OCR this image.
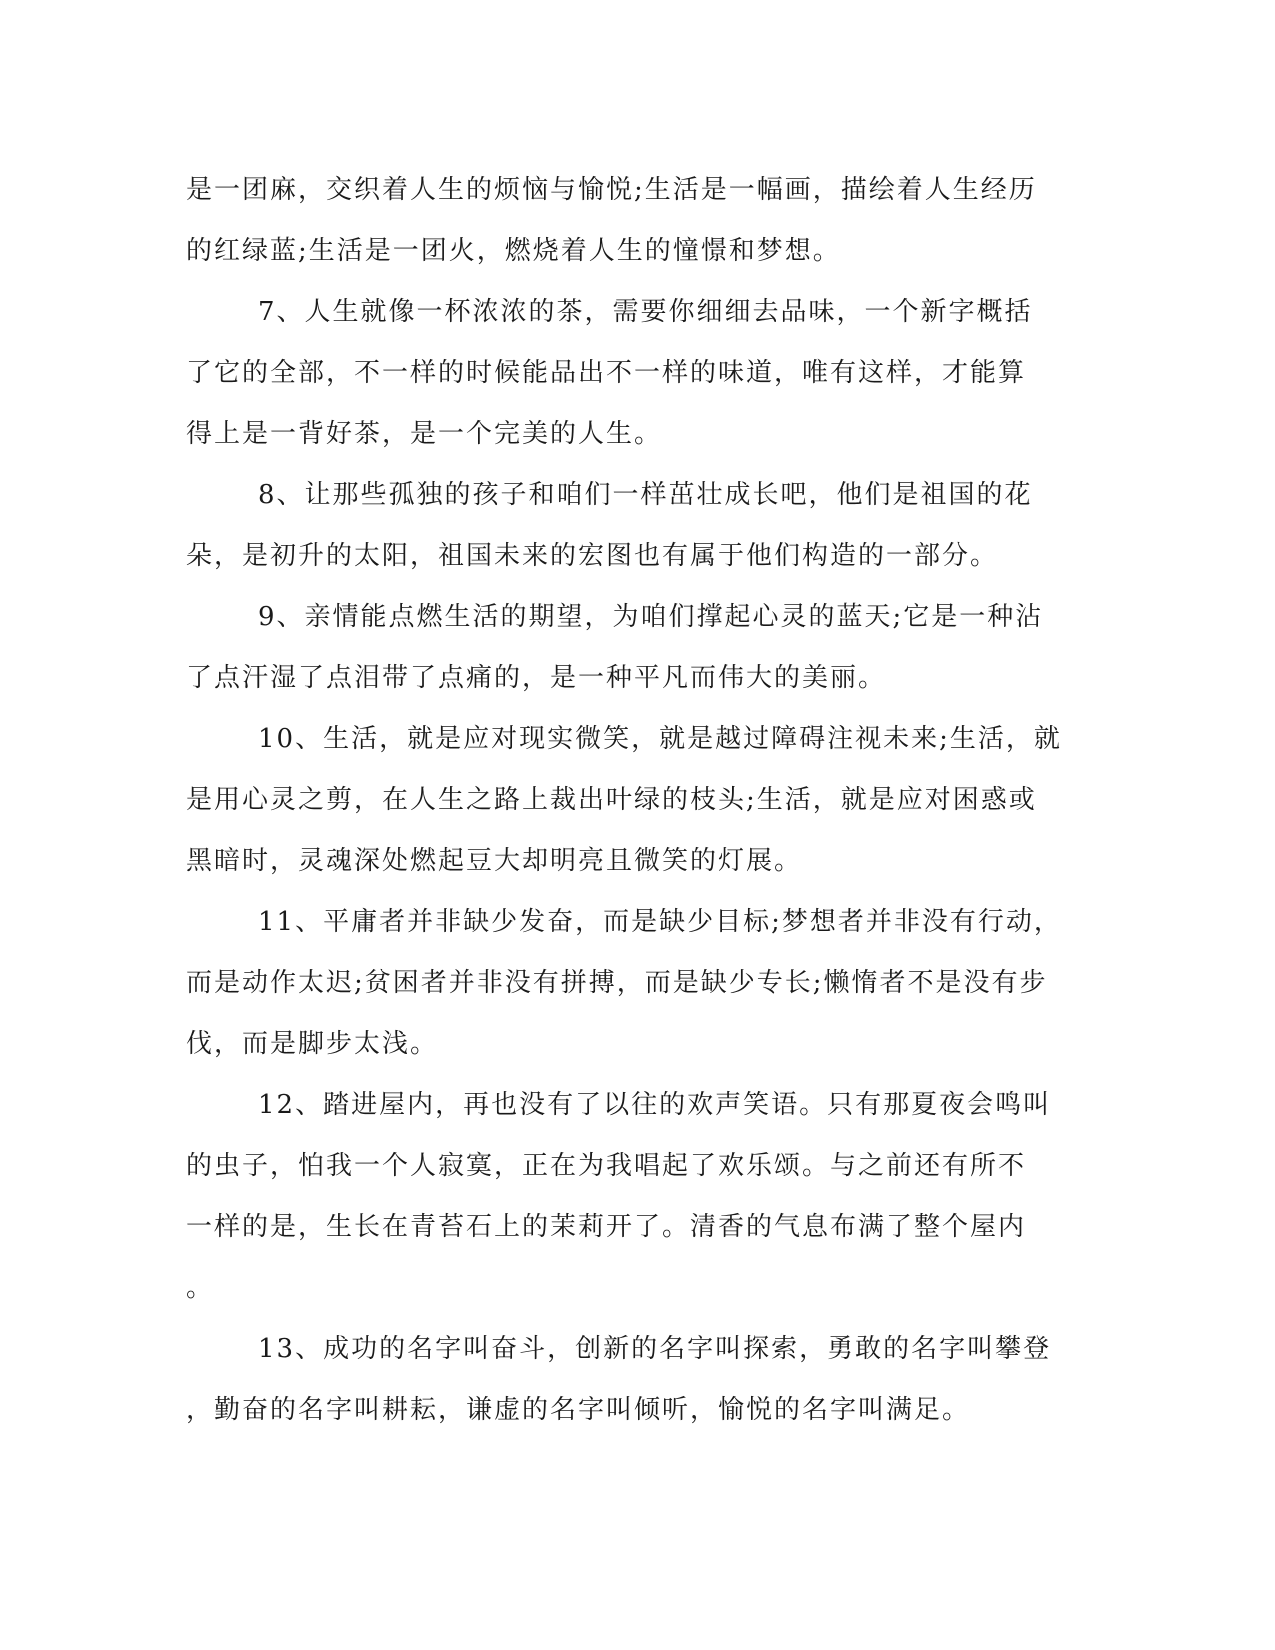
是一团麻，交织着人生的烦恼与愉悦;生活是一幅画，描绘着人生经历
的红绿蓝;生活是一团火，燃烧着人生的憧憬和梦想。

7、人生就像一杯浓浓的茶，需要你细细去品味，一个新字概括
了它的全部，不一样的时候能品出不一样的味道，唯有这样，才能算
得上是一背好茶，是一个完美的人生。

8、让那些孤独的孩子和咱们一样茁壮成长吧，他们是祖国的花
朵，是初升的太阳，祖国未来的宏图也有属于他们构造的一部分。

9、亲情能点燃生活的期望，为咱们撑起心灵的蓝天;它是一种沾
了点汗湿了点泪带了点痛的，是一种平凡而伟大的美丽。

10、生活，就是应对现实微笑，就是越过障碍注视未来;生活，就
是用心灵之剪，在人生之路上裁出叶绿的枝头;生活，就是应对困惑或
黑暗时，灵魂深处燃起豆大却明亮且微笑的灯展。

11、平庸者并非缺少发奋，而是缺少目标;梦想者并非没有行动，
而是动作太迟;贫困者并非没有拼搏，而是缺少专长;懒惰者不是没有步
伐，而是脚步太浅。

12、踏进屋内，再也没有了以往的欢声笑语。只有那夏夜会鸣叫
的虫子，怕我一个人寂寞，正在为我唱起了欢乐颂。与之前还有所不
一样的是，生长在青苔石上的茉莉开了。清香的气息布满了整个屋内
。

13、成功的名字叫奋斗，创新的名字叫探索，勇敢的名字叫攀登
，勤奋的名字叫耕耘，谦虚的名字叫倾听，愉悦的名字叫满足。
